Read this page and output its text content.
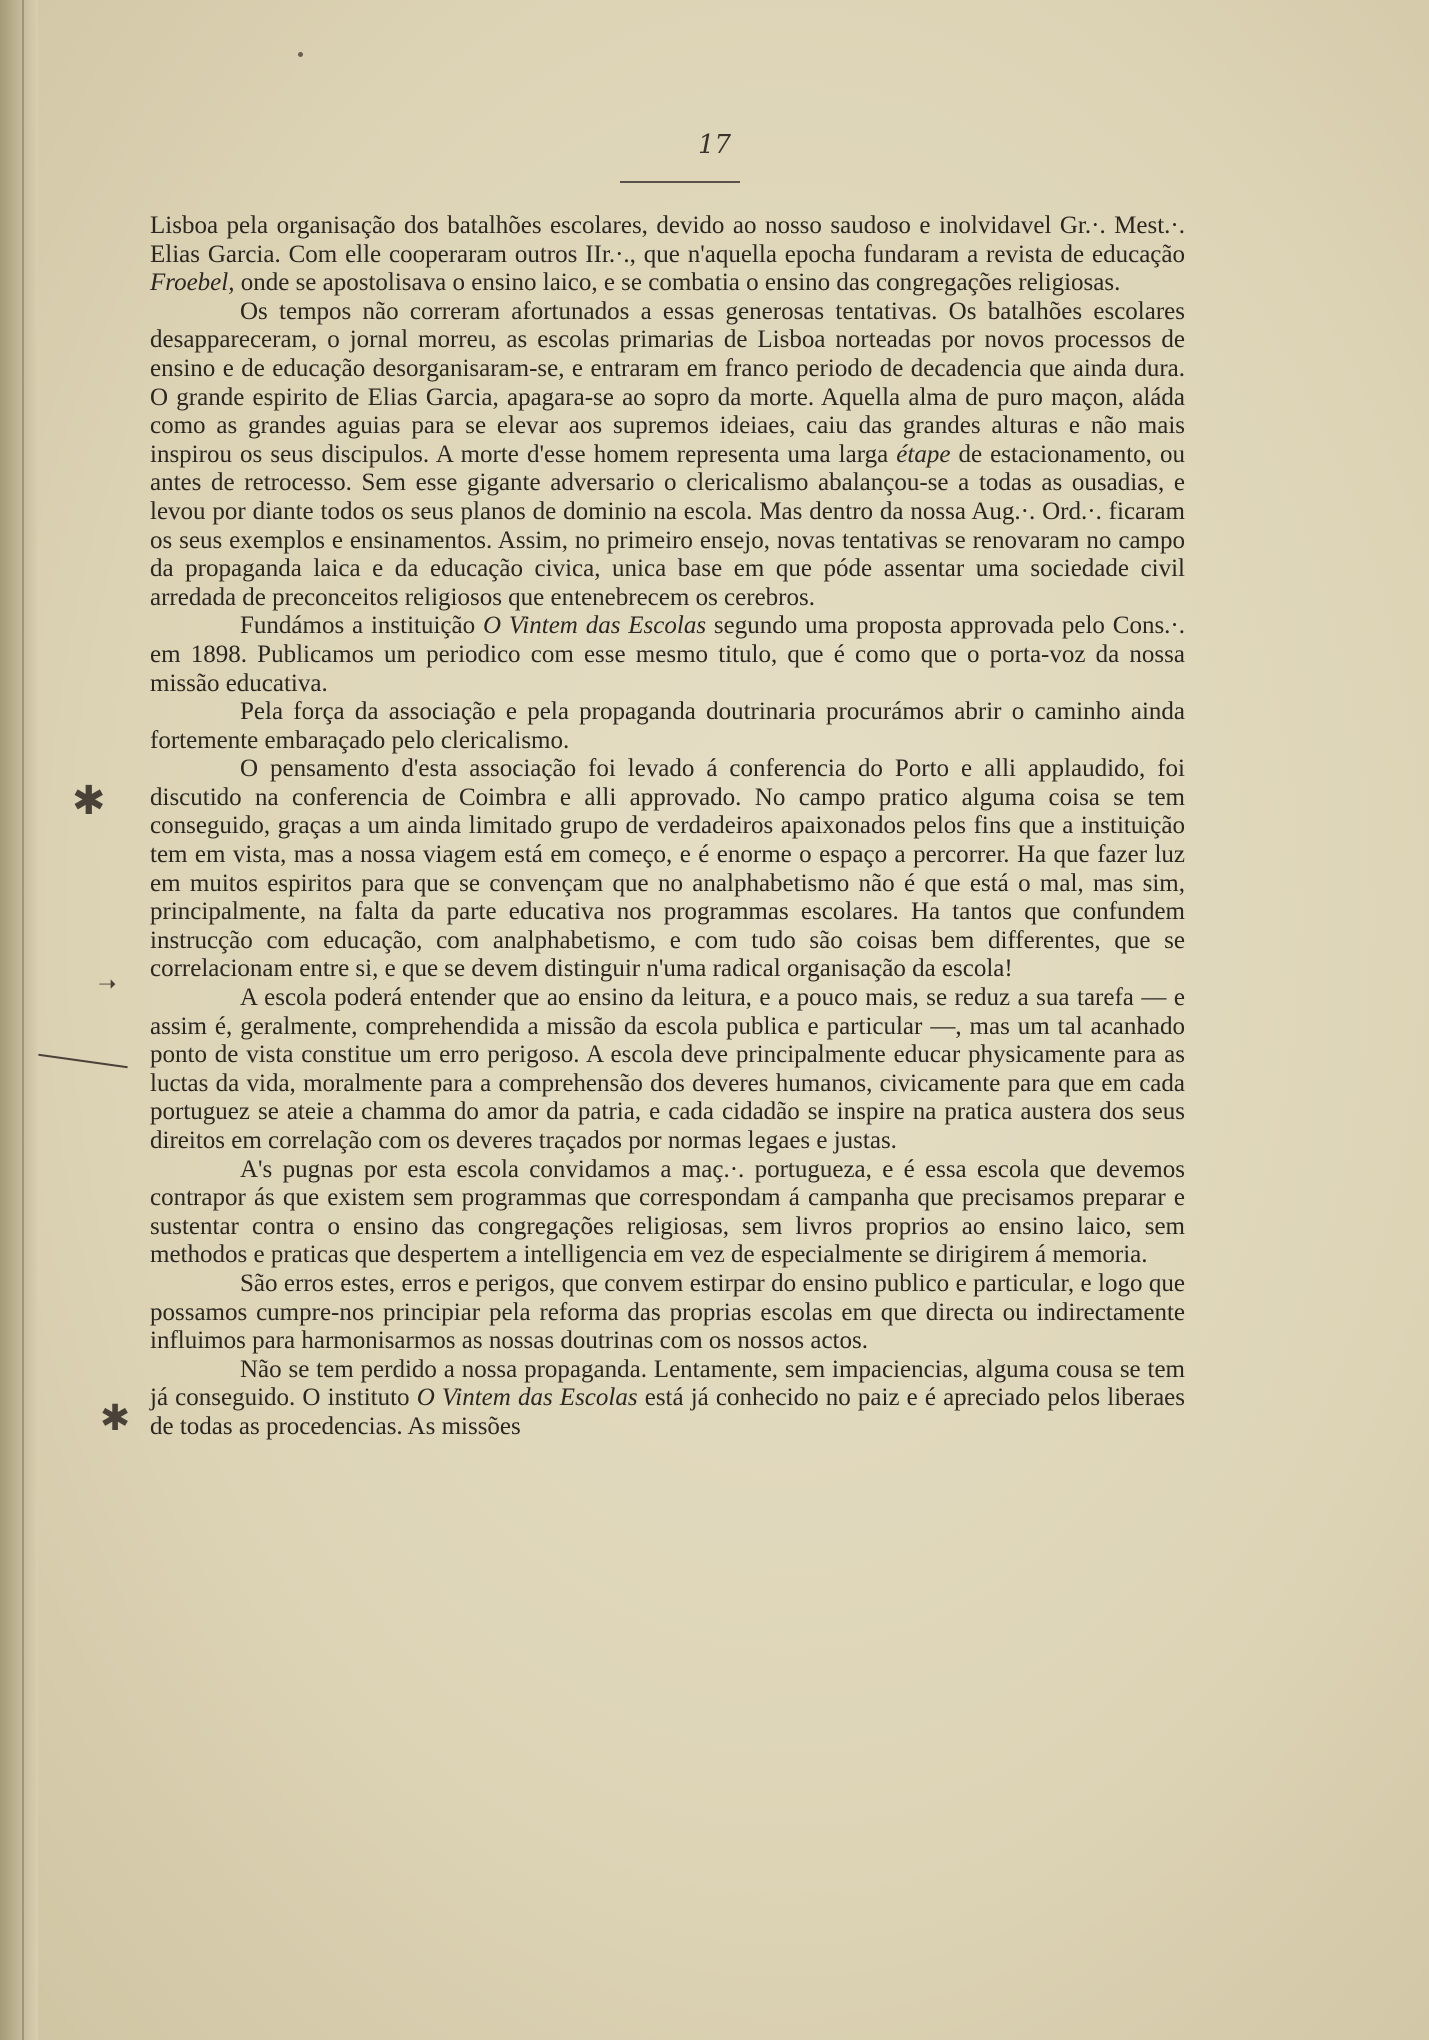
17

Lisboa pela organisação dos batalhões escolares, devido ao nosso saudoso e inolvidavel Gr.·. Mest.·. Elias Garcia. Com elle cooperaram outros IIr.·., que n'aquella epocha fundaram a revista de educação Froebel, onde se apostolisava o ensino laico, e se combatia o ensino das congregações religiosas.

Os tempos não correram afortunados a essas generosas tentativas. Os batalhões escolares desappareceram, o jornal morreu, as escolas primarias de Lisboa norteadas por novos processos de ensino e de educação desorganisaram-se, e entraram em franco periodo de decadencia que ainda dura. O grande espirito de Elias Garcia, apagara-se ao sopro da morte. Aquella alma de puro maçon, aláda como as grandes aguias para se elevar aos supremos ideiaes, caiu das grandes alturas e não mais inspirou os seus discipulos. A morte d'esse homem representa uma larga étape de estacionamento, ou antes de retrocesso. Sem esse gigante adversario o clericalismo abalançou-se a todas as ousadias, e levou por diante todos os seus planos de dominio na escola. Mas dentro da nossa Aug.·. Ord.·. ficaram os seus exemplos e ensinamentos. Assim, no primeiro ensejo, novas tentativas se renovaram no campo da propaganda laica e da educação civica, unica base em que póde assentar uma sociedade civil arredada de preconceitos religiosos que entenebrecem os cerebros.

Fundámos a instituição O Vintem das Escolas segundo uma proposta approvada pelo Cons.·. em 1898. Publicamos um periodico com esse mesmo titulo, que é como que o porta-voz da nossa missão educativa.

Pela força da associação e pela propaganda doutrinaria procurámos abrir o caminho ainda fortemente embaraçado pelo clericalismo.

O pensamento d'esta associação foi levado á conferencia do Porto e alli applaudido, foi discutido na conferencia de Coimbra e alli approvado. No campo pratico alguma coisa se tem conseguido, graças a um ainda limitado grupo de verdadeiros apaixonados pelos fins que a instituição tem em vista, mas a nossa viagem está em começo, e é enorme o espaço a percorrer. Ha que fazer luz em muitos espiritos para que se convençam que no analphabetismo não é que está o mal, mas sim, principalmente, na falta da parte educativa nos programmas escolares. Ha tantos que confundem instrucção com educação, com analphabetismo, e com tudo são coisas bem differentes, que se correlacionam entre si, e que se devem distinguir n'uma radical organisação da escola!

A escola poderá entender que ao ensino da leitura, e a pouco mais, se reduz a sua tarefa — e assim é, geralmente, comprehendida a missão da escola publica e particular —, mas um tal acanhado ponto de vista constitue um erro perigoso. A escola deve principalmente educar physicamente para as luctas da vida, moralmente para a comprehensão dos deveres humanos, civicamente para que em cada portuguez se ateie a chamma do amor da patria, e cada cidadão se inspire na pratica austera dos seus direitos em correlação com os deveres traçados por normas legaes e justas.

A's pugnas por esta escola convidamos a maç.·. portugueza, e é essa escola que devemos contrapor ás que existem sem programmas que correspondam á campanha que precisamos preparar e sustentar contra o ensino das congregações religiosas, sem livros proprios ao ensino laico, sem methodos e praticas que despertem a intelligencia em vez de especialmente se dirigirem á memoria.

São erros estes, erros e perigos, que convem estirpar do ensino publico e particular, e logo que possamos cumpre-nos principiar pela reforma das proprias escolas em que directa ou indirectamente influimos para harmonisarmos as nossas doutrinas com os nossos actos.

Não se tem perdido a nossa propaganda. Lentamente, sem impaciencias, alguma cousa se tem já conseguido. O instituto O Vintem das Escolas está já conhecido no paiz e é apreciado pelos liberaes de todas as procedencias. As missões

✱
➝
✱
